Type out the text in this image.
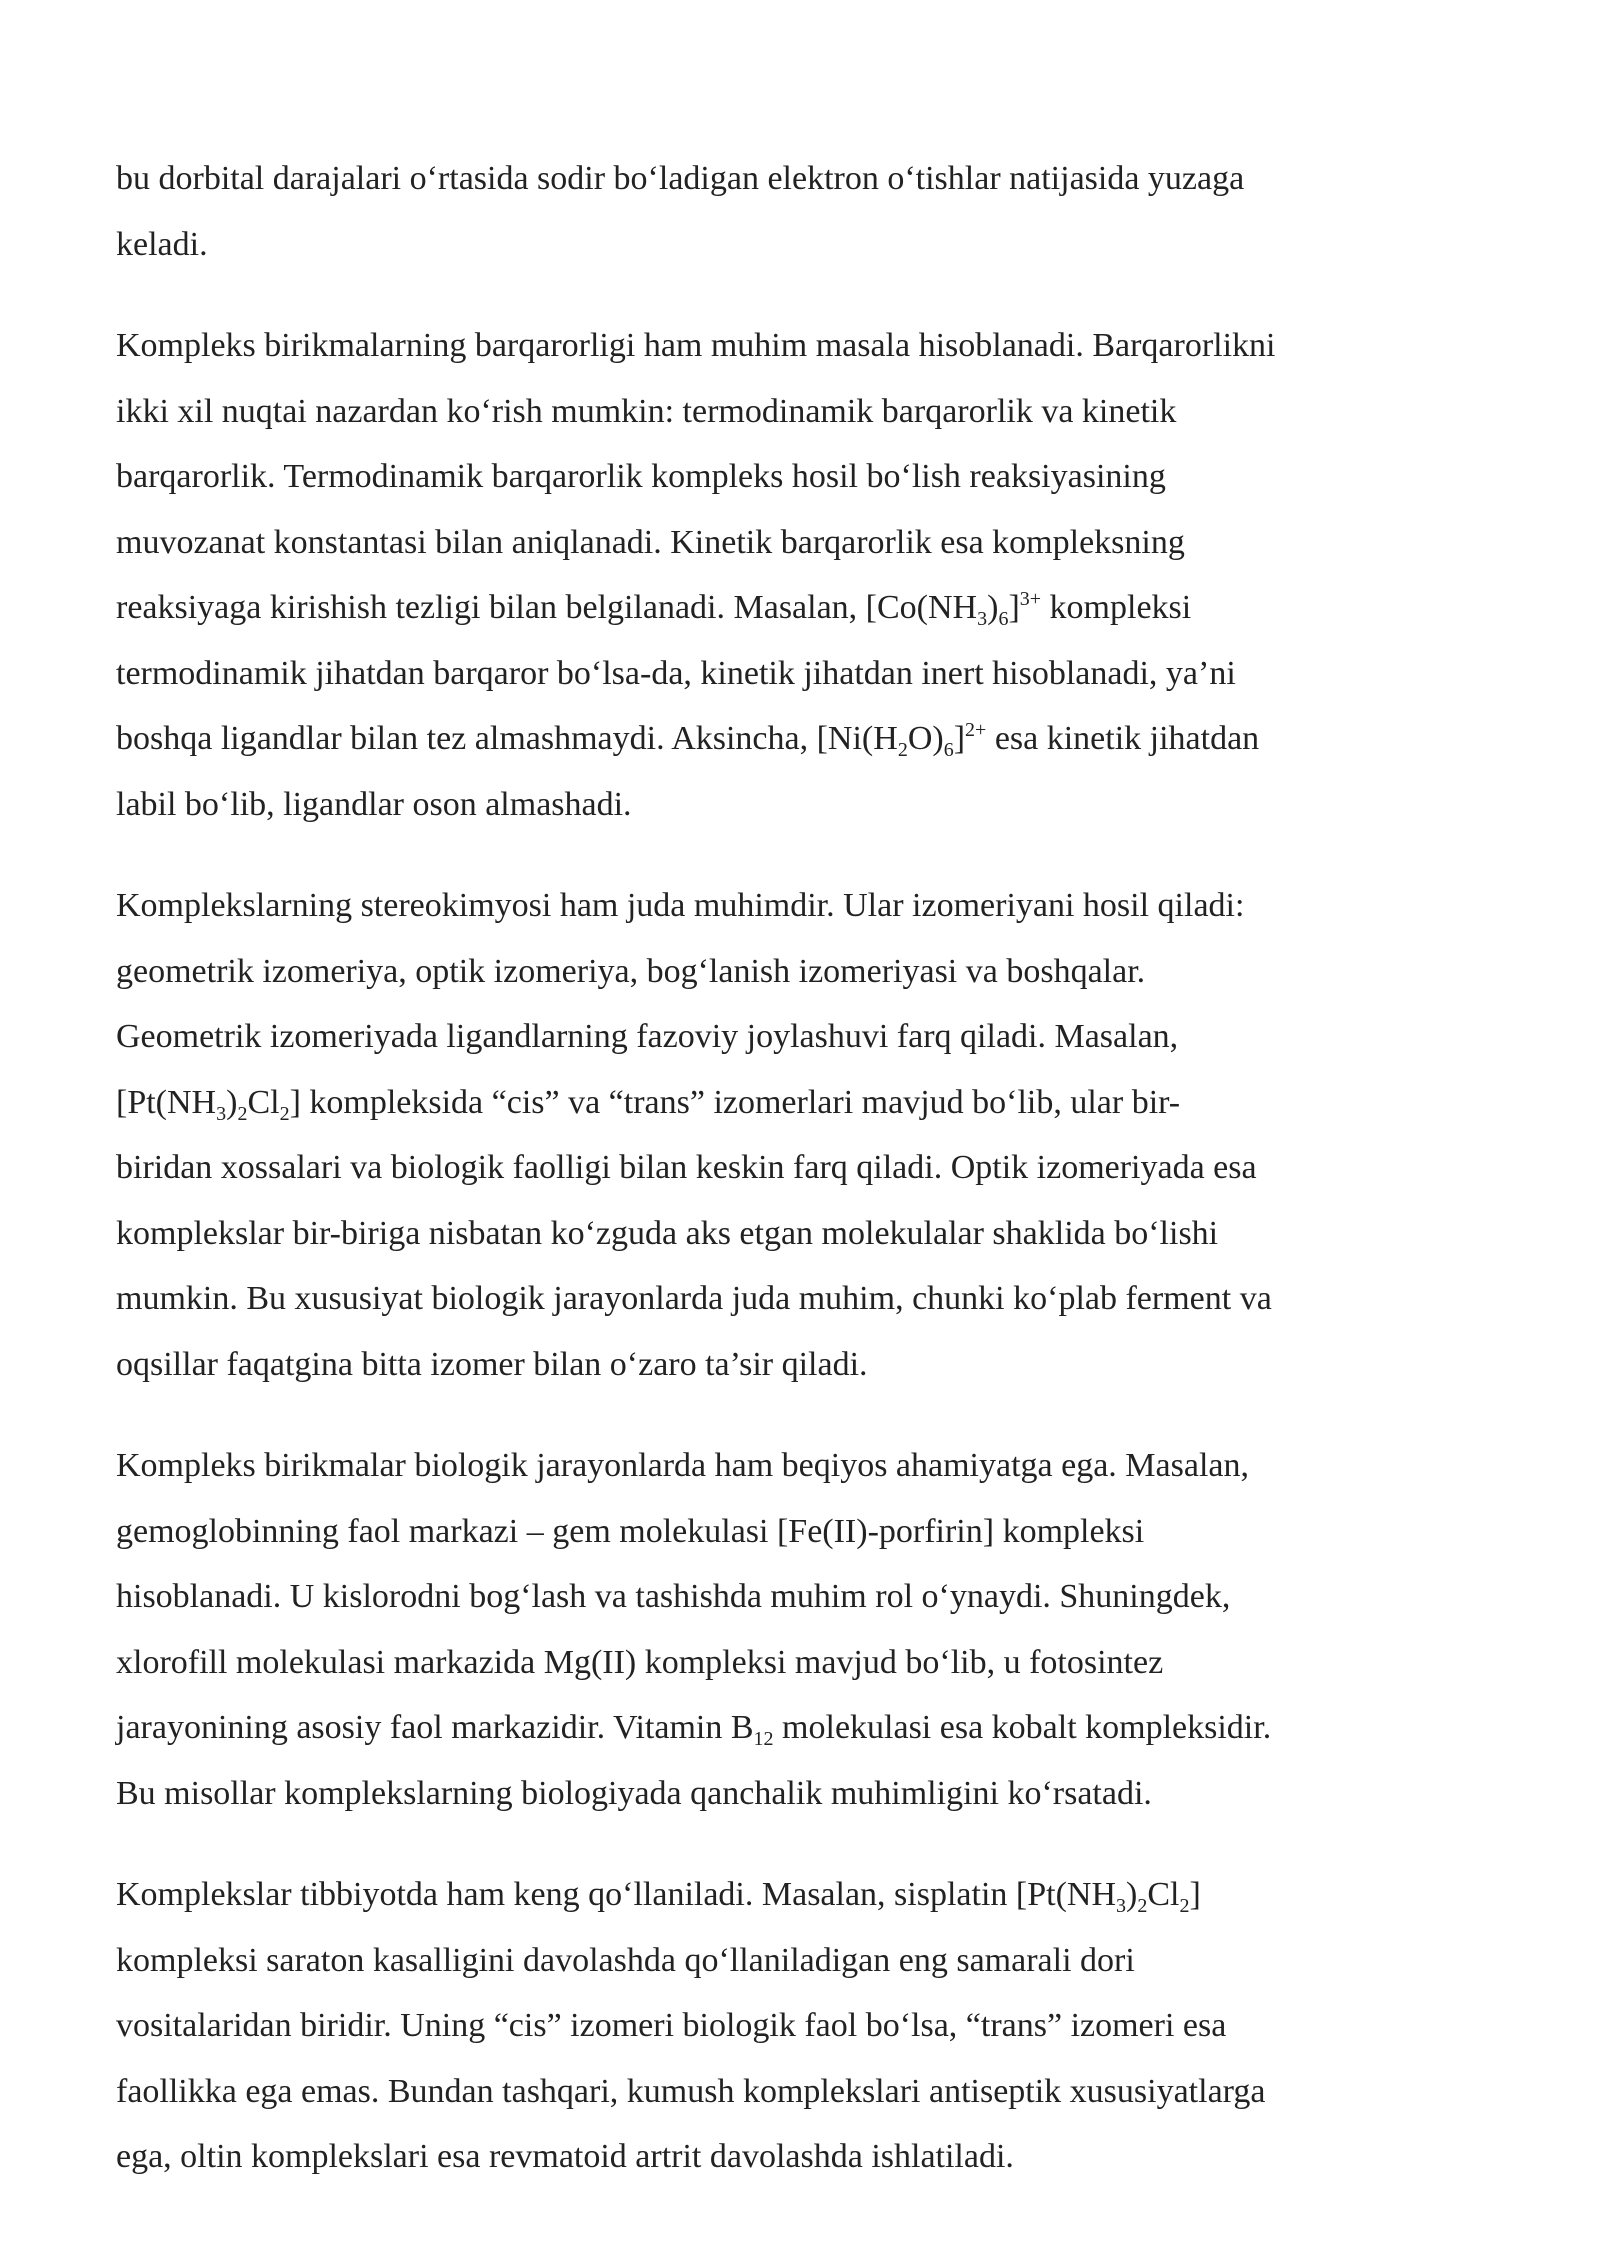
bu dorbital darajalari o‘rtasida sodir bo‘ladigan elektron o‘tishlar natijasida yuzaga
keladi.

Kompleks birikmalarning barqarorligi ham muhim masala hisoblanadi. Barqarorlikni
ikki xil nuqtai nazardan ko‘rish mumkin: termodinamik barqarorlik va kinetik
barqarorlik. Termodinamik barqarorlik kompleks hosil bo‘lish reaksiyasining
muvozanat konstantasi bilan aniqlanadi. Kinetik barqarorlik esa kompleksning
reaksiyaga kirishish tezligi bilan belgilanadi. Masalan, $[Co(NH_3)_6]^{3+}$ kompleksi
termodinamik jihatdan barqaror bo‘lsa-da, kinetik jihatdan inert hisoblanadi, ya’ni
boshqa ligandlar bilan tez almashmaydi. Aksincha, $[Ni(H_2O)_6]^{2+}$ esa kinetik jihatdan
labil bo‘lib, ligandlar oson almashadi.

Komplekslarning stereokimyosi ham juda muhimdir. Ular izomeriyani hosil qiladi:
geometrik izomeriya, optik izomeriya, bog‘lanish izomeriyasi va boshqalar.
Geometrik izomeriyada ligandlarning fazoviy joylashuvi farq qiladi. Masalan,
$[Pt(NH_3)_2Cl_2]$ kompleksida “cis” va “trans” izomerlari mavjud bo‘lib, ular bir-
biridan xossalari va biologik faolligi bilan keskin farq qiladi. Optik izomeriyada esa
komplekslar bir-biriga nisbatan ko‘zguda aks etgan molekulalar shaklida bo‘lishi
mumkin. Bu xususiyat biologik jarayonlarda juda muhim, chunki ko‘plab ferment va
oqsillar faqatgina bitta izomer bilan o‘zaro ta’sir qiladi.

Kompleks birikmalar biologik jarayonlarda ham beqiyos ahamiyatga ega. Masalan,
gemoglobinning faol markazi – gem molekulasi [Fe(II)-porfirin] kompleksi
hisoblanadi. U kislorodni bog‘lash va tashishda muhim rol o‘ynaydi. Shuningdek,
xlorofill molekulasi markazida Mg(II) kompleksi mavjud bo‘lib, u fotosintez
jarayonining asosiy faol markazidir. Vitamin $B_{12}$ molekulasi esa kobalt kompleksidir.
Bu misollar komplekslarning biologiyada qanchalik muhimligini ko‘rsatadi.

Komplekslar tibbiyotda ham keng qo‘llaniladi. Masalan, sisplatin $[Pt(NH_3)_2Cl_2]$
kompleksi saraton kasalligini davolashda qo‘llaniladigan eng samarali dori
vositalaridan biridir. Uning “cis” izomeri biologik faol bo‘lsa, “trans” izomeri esa
faollikka ega emas. Bundan tashqari, kumush komplekslari antiseptik xususiyatlarga
ega, oltin komplekslari esa revmatoid artrit davolashda ishlatiladi.
